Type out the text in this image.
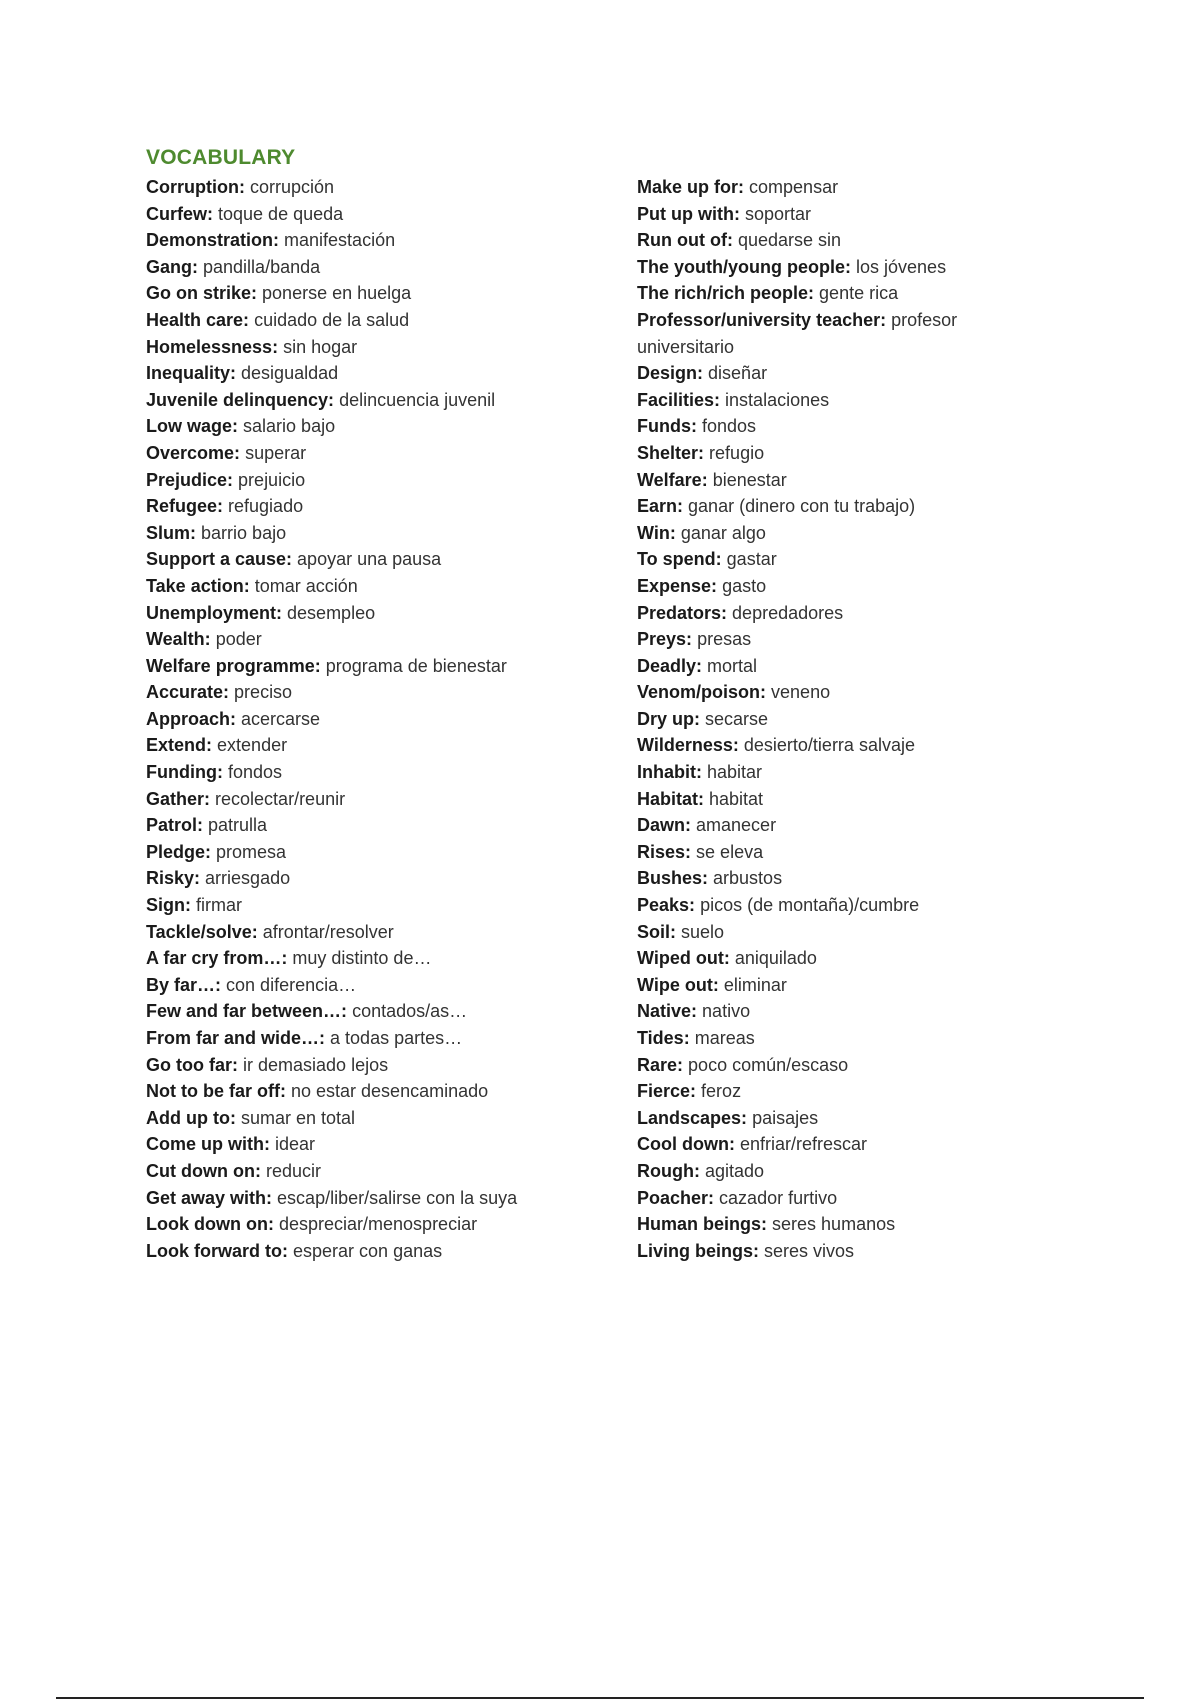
VOCABULARY
Corruption: corrupción
Curfew: toque de queda
Demonstration: manifestación
Gang: pandilla/banda
Go on strike: ponerse en huelga
Health care: cuidado de la salud
Homelessness: sin hogar
Inequality: desigualdad
Juvenile delinquency: delincuencia juvenil
Low wage: salario bajo
Overcome: superar
Prejudice: prejuicio
Refugee: refugiado
Slum: barrio bajo
Support a cause: apoyar una pausa
Take action: tomar acción
Unemployment: desempleo
Wealth: poder
Welfare programme: programa de bienestar
Accurate: preciso
Approach: acercarse
Extend: extender
Funding: fondos
Gather: recolectar/reunir
Patrol: patrulla
Pledge: promesa
Risky: arriesgado
Sign: firmar
Tackle/solve: afrontar/resolver
A far cry from…: muy distinto de…
By far…: con diferencia…
Few and far between…: contados/as…
From far and wide…: a todas partes…
Go too far: ir demasiado lejos
Not to be far off: no estar desencaminado
Add up to: sumar en total
Come up with: idear
Cut down on: reducir
Get away with: escap/liber/salirse con la suya
Look down on: despreciar/menospreciar
Look forward to: esperar con ganas
Make up for: compensar
Put up with: soportar
Run out of: quedarse sin
The youth/young people: los jóvenes
The rich/rich people: gente rica
Professor/university teacher: profesor universitario
Design: diseñar
Facilities: instalaciones
Funds: fondos
Shelter: refugio
Welfare: bienestar
Earn: ganar (dinero con tu trabajo)
Win: ganar algo
To spend: gastar
Expense: gasto
Predators: depredadores
Preys: presas
Deadly: mortal
Venom/poison: veneno
Dry up: secarse
Wilderness: desierto/tierra salvaje
Inhabit: habitar
Habitat: habitat
Dawn: amanecer
Rises: se eleva
Bushes: arbustos
Peaks: picos (de montaña)/cumbre
Soil: suelo
Wiped out: aniquilado
Wipe out: eliminar
Native: nativo
Tides: mareas
Rare: poco común/escaso
Fierce: feroz
Landscapes: paisajes
Cool down: enfriar/refrescar
Rough: agitado
Poacher: cazador furtivo
Human beings: seres humanos
Living beings: seres vivos
